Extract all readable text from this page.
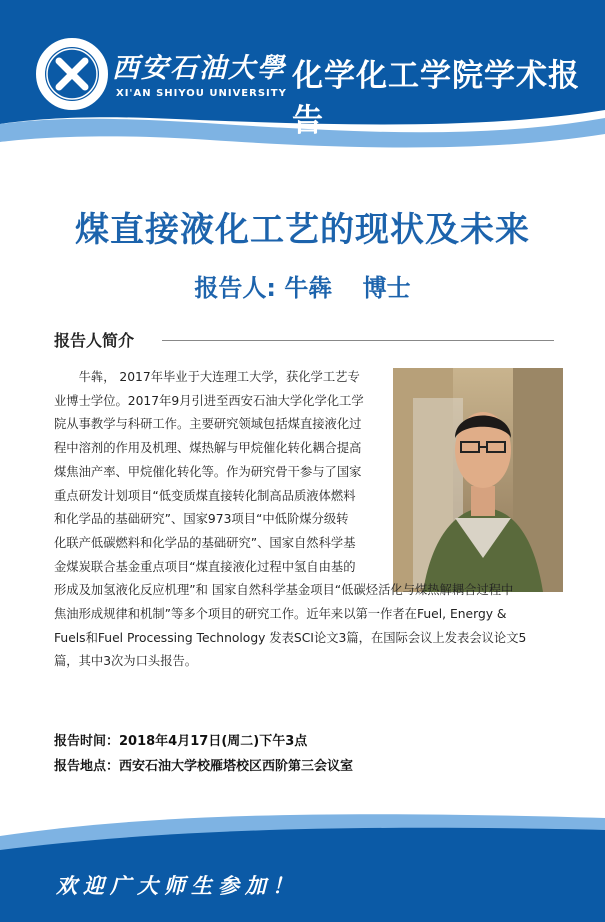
西安石油大學
XI'AN SHIYOU UNIVERSITY 化学化工学院学术报告
煤直接液化工艺的现状及未来
报告人: 牛犇 博士
报告人简介
　　牛犇， 2017年毕业于大连理工大学，获化学工艺专
业博士学位。2017年9月引进至西安石油大学化学化工学
院从事教学与科研工作。主要研究领域包括煤直接液化过
程中溶剂的作用及机理、煤热解与甲烷催化转化耦合提高
煤焦油产率、甲烷催化转化等。作为研究骨干参与了国家
重点研发计划项目“低变质煤直接转化制高品质液体燃料
和化学品的基础研究”、国家973项目“中低阶煤分级转
化联产低碳燃料和化学品的基础研究”、国家自然科学基
金煤炭联合基金重点项目“煤直接液化过程中氢自由基的
形成及加氢液化反应机理”和 国家自然科学基金项目“低碳烃活化与煤热解耦合过程中
焦油形成规律和机制”等多个项目的研究工作。近年来以第一作者在Fuel, Energy &
Fuels和Fuel Processing Technology 发表SCI论文3篇，在国际会议上发表会议论文5
篇，其中3次为口头报告。
报告时间：2018年4月17日(周二)下午3点
报告地点：西安石油大学校雁塔校区西阶第三会议室
欢迎广大师生参加！
